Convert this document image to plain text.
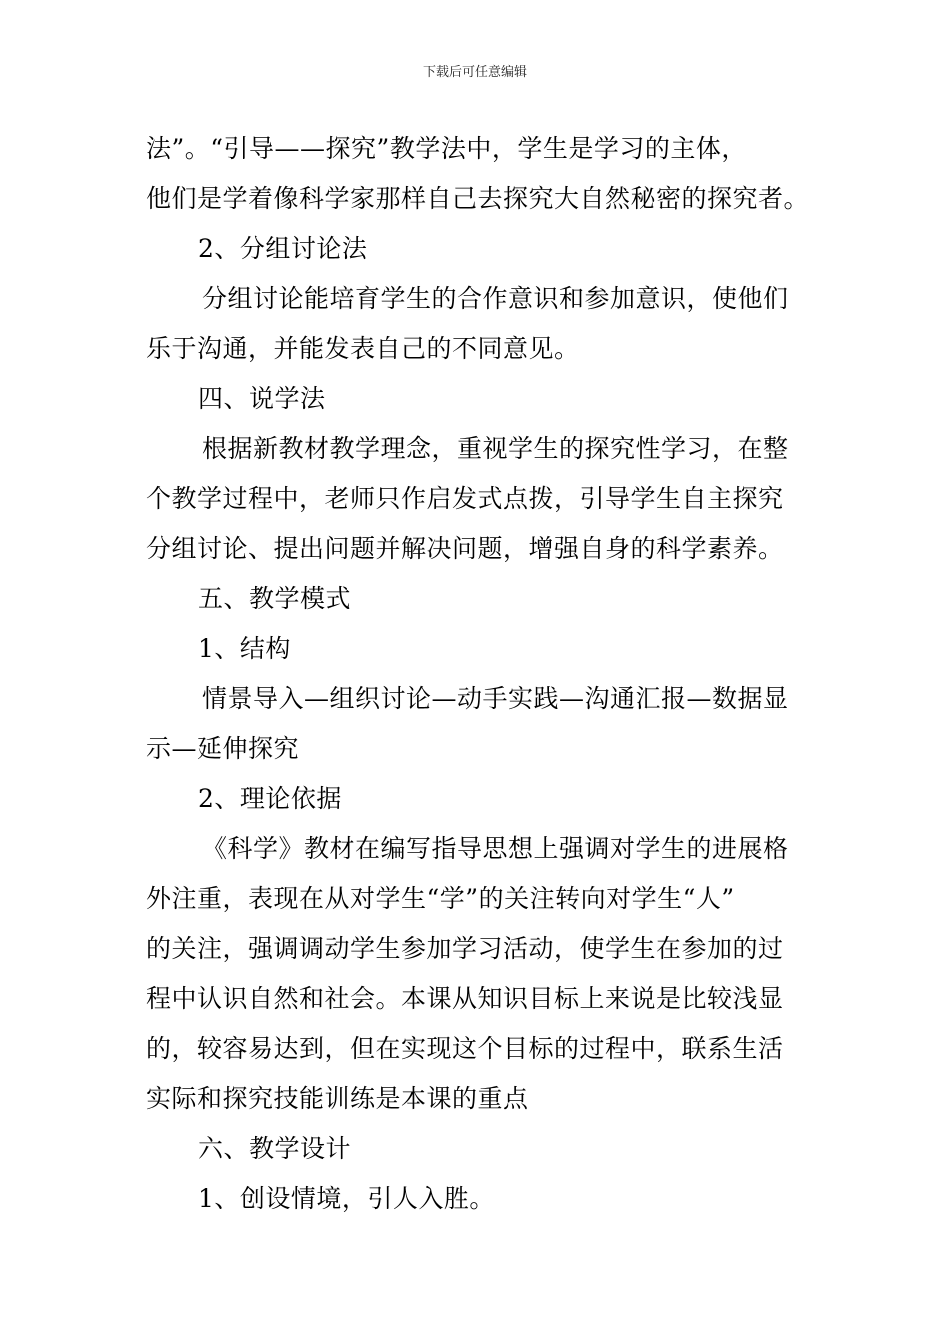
下载后可任意编辑
法”。“引导——探究”教学法中，学生是学习的主体，
他们是学着像科学家那样自己去探究大自然秘密的探究者。
2、分组讨论法
分组讨论能培育学生的合作意识和参加意识，使他们
乐于沟通，并能发表自己的不同意见。
四、说学法
根据新教材教学理念，重视学生的探究性学习，在整
个教学过程中，老师只作启发式点拨，引导学生自主探究
分组讨论、提出问题并解决问题，增强自身的科学素养。
五、教学模式
1、结构
情景导入—组织讨论—动手实践—沟通汇报—数据显
示—延伸探究
2、理论依据
《科学》教材在编写指导思想上强调对学生的进展格
外注重，表现在从对学生“学”的关注转向对学生“人”
的关注，强调调动学生参加学习活动，使学生在参加的过
程中认识自然和社会。本课从知识目标上来说是比较浅显
的，较容易达到，但在实现这个目标的过程中，联系生活
实际和探究技能训练是本课的重点
六、教学设计
1、创设情境，引人入胜。
